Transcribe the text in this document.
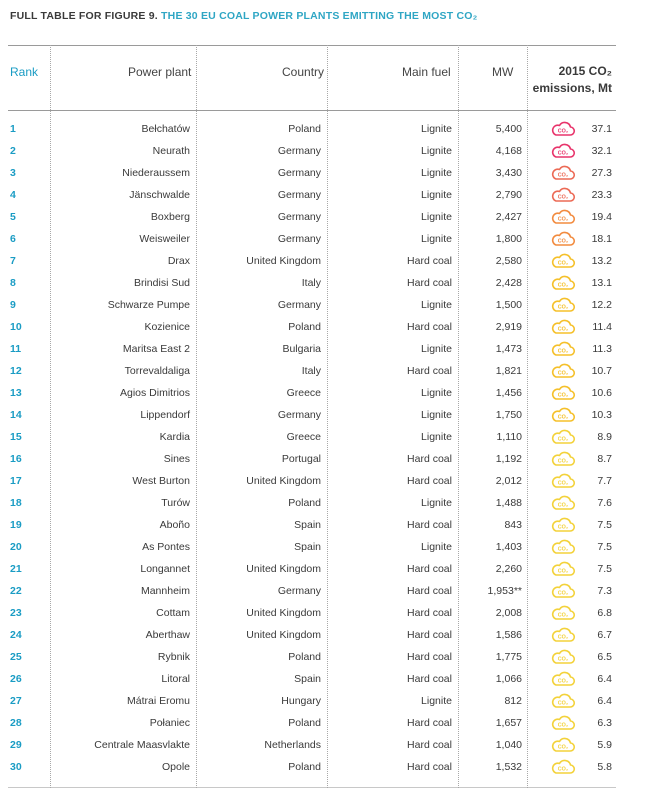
FULL TABLE FOR FIGURE 9. THE 30 EU COAL POWER PLANTS EMITTING THE MOST CO₂
Rank	Power plant	Country	Main fuel	MW	2015 CO₂
emissions, Mt
1	Bełchatów	Poland	Lignite	5,400	CO₂ 37.1
2	Neurath	Germany	Lignite	4,168	CO₂ 32.1
3	Niederaussem	Germany	Lignite	3,430	CO₂ 27.3
4	Jänschwalde	Germany	Lignite	2,790	CO₂ 23.3
5	Boxberg	Germany	Lignite	2,427	CO₂ 19.4
6	Weisweiler	Germany	Lignite	1,800	CO₂ 18.1
7	Drax	United Kingdom	Hard coal	2,580	CO₂ 13.2
8	Brindisi Sud	Italy	Hard coal	2,428	CO₂ 13.1
9	Schwarze Pumpe	Germany	Lignite	1,500	CO₂ 12.2
10	Kozienice	Poland	Hard coal	2,919	CO₂ 11.4
11	Maritsa East 2	Bulgaria	Lignite	1,473	CO₂ 11.3
12	Torrevaldaliga	Italy	Hard coal	1,821	CO₂ 10.7
13	Agios Dimitrios	Greece	Lignite	1,456	CO₂ 10.6
14	Lippendorf	Germany	Lignite	1,750	CO₂ 10.3
15	Kardia	Greece	Lignite	1,110	CO₂	8.9
16	Sines	Portugal	Hard coal	1,192	CO₂	8.7
17	West Burton	United Kingdom	Hard coal	2,012	CO₂	7.7
18	Turów	Poland	Lignite	1,488	CO₂	7.6
19	Aboño	Spain	Hard coal	843	CO₂	7.5
20	As Pontes	Spain	Lignite	1,403	CO₂	7.5
21	Longannet	United Kingdom	Hard coal	2,260	CO₂	7.5
22	Mannheim	Germany	Hard coal	1,953**	CO₂	7.3
23	Cottam	United Kingdom	Hard coal	2,008	CO₂	6.8
24	Aberthaw	United Kingdom	Hard coal	1,586	CO₂	6.7
25	Rybnik	Poland	Hard coal	1,775	CO₂	6.5
26	Litoral	Spain	Hard coal	1,066	CO₂	6.4
27	Mátrai Eromu	Hungary	Lignite	812	CO₂	6.4
28	Połaniec	Poland	Hard coal	1,657	CO₂	6.3
29	Centrale Maasvlakte	Netherlands	Hard coal	1,040	CO₂	5.9
30	Opole	Poland	Hard coal	1,532	CO₂	5.8
